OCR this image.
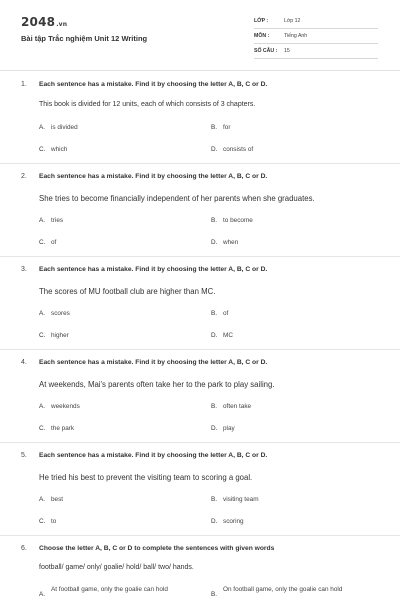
2048.vn
Bài tập Trắc nghiệm Unit 12 Writing
LỚP :	Lớp 12
MÔN :	Tiếng Anh
SỐ CÂU : 15
1. Each sentence has a mistake. Find it by choosing the letter A, B, C or D.
This book is divided for 12 units, each of which consists of 3 chapters.
A. is divided	B. for
C. which	D. consists of
2. Each sentence has a mistake. Find it by choosing the letter A, B, C or D.
She tries to become financially independent of her parents when she graduates.
A. tries	B. to become
C. of	D. when
3. Each sentence has a mistake. Find it by choosing the letter A, B, C or D.
The scores of MU football club are higher than MC.
A. scores	B. of
C. higher	D. MC
4. Each sentence has a mistake. Find it by choosing the letter A, B, C or D.
At weekends, Mai's parents often take her to the park to play sailing.
A. weekends	B. often take
C. the park	D. play
5. Each sentence has a mistake. Find it by choosing the letter A, B, C or D.
He tried his best to prevent the visiting team to scoring a goal.
A. best	B. visiting team
C. to	D. scoring
6. Choose the letter A, B, C or D to complete the sentences with given words
football/ game/ only/ goalie/ hold/ ball/ two/ hands.
A.At football game, only the goalie can hold
B.On football game, only the goalie can hold
